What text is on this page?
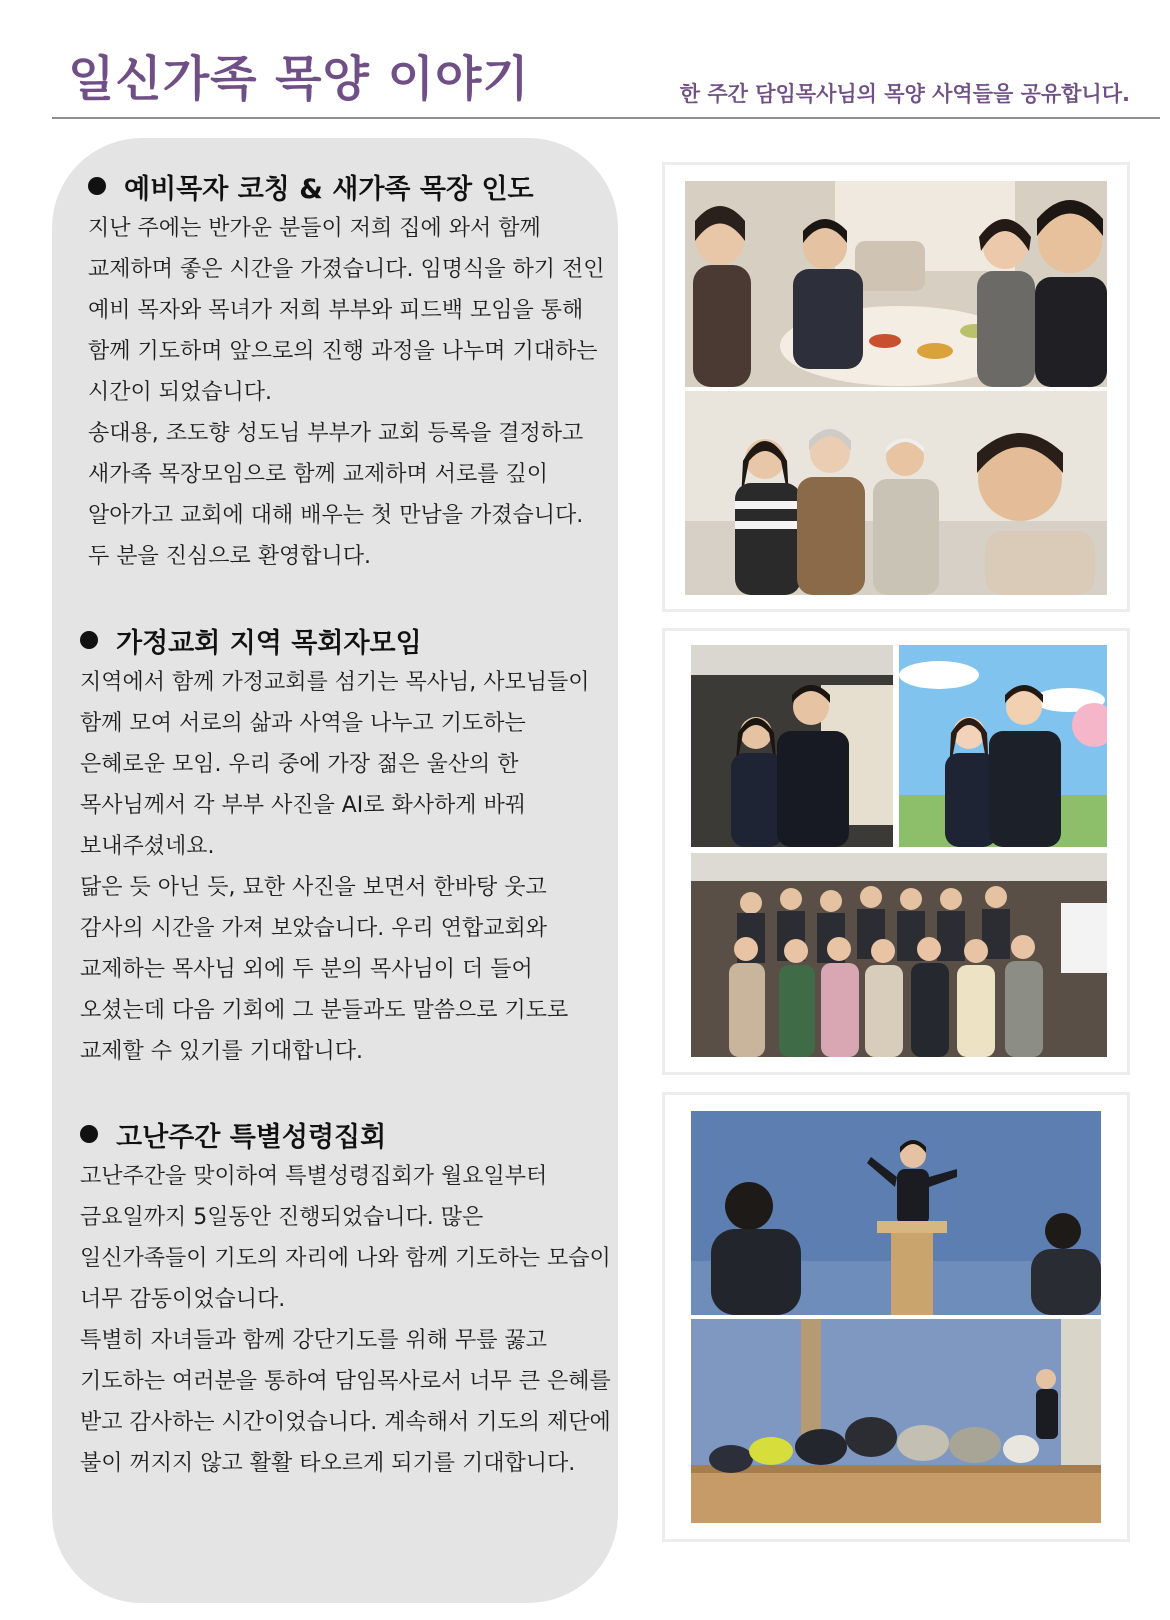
일신가족 목양 이야기	한 주간 담임목사님의 목양 사역들을 공유합니다.
예비목자 코칭 & 새가족 목장 인도

지난 주에는 반가운 분들이 저희 집에 와서 함께 교제하며 좋은 시간을 가졌습니다. 임명식을 하기 전인 예비 목자와 목녀가 저희 부부와 피드백 모임을 통해 함께 기도하며 앞으로의 진행 과정을 나누며 기대하는 시간이 되었습니다.

송대용, 조도향 성도님 부부가 교회 등록을 결정하고 새가족 목장모임으로 함께 교제하며 서로를 깊이 알아가고 교회에 대해 배우는 첫 만남을 가졌습니다. 두 분을 진심으로 환영합니다.

가정교회 지역 목회자모임

지역에서 함께 가정교회를 섬기는 목사님, 사모님들이 함께 모여 서로의 삶과 사역을 나누고 기도하는 은혜로운 모임. 우리 중에 가장 젊은 울산의 한 목사님께서 각 부부 사진을 AI로 화사하게 바꿔 보내주셨네요.

닮은 듯 아닌 듯, 묘한 사진을 보면서 한바탕 웃고 감사의 시간을 가져 보았습니다. 우리 연합교회와 교제하는 목사님 외에 두 분의 목사님이 더 들어 오셨는데 다음 기회에 그 분들과도 말씀으로 기도로 교제할 수 있기를 기대합니다.

고난주간 특별성령집회

고난주간을 맞이하여 특별성령집회가 월요일부터 금요일까지 5일동안 진행되었습니다. 많은 일신가족들이 기도의 자리에 나와 함께 기도하는 모습이 너무 감동이었습니다.

특별히 자녀들과 함께 강단기도를 위해 무릎 꿇고 기도하는 여러분을 통하여 담임목사로서 너무 큰 은혜를 받고 감사하는 시간이었습니다. 계속해서 기도의 제단에 불이 꺼지지 않고 활활 타오르게 되기를 기대합니다.
